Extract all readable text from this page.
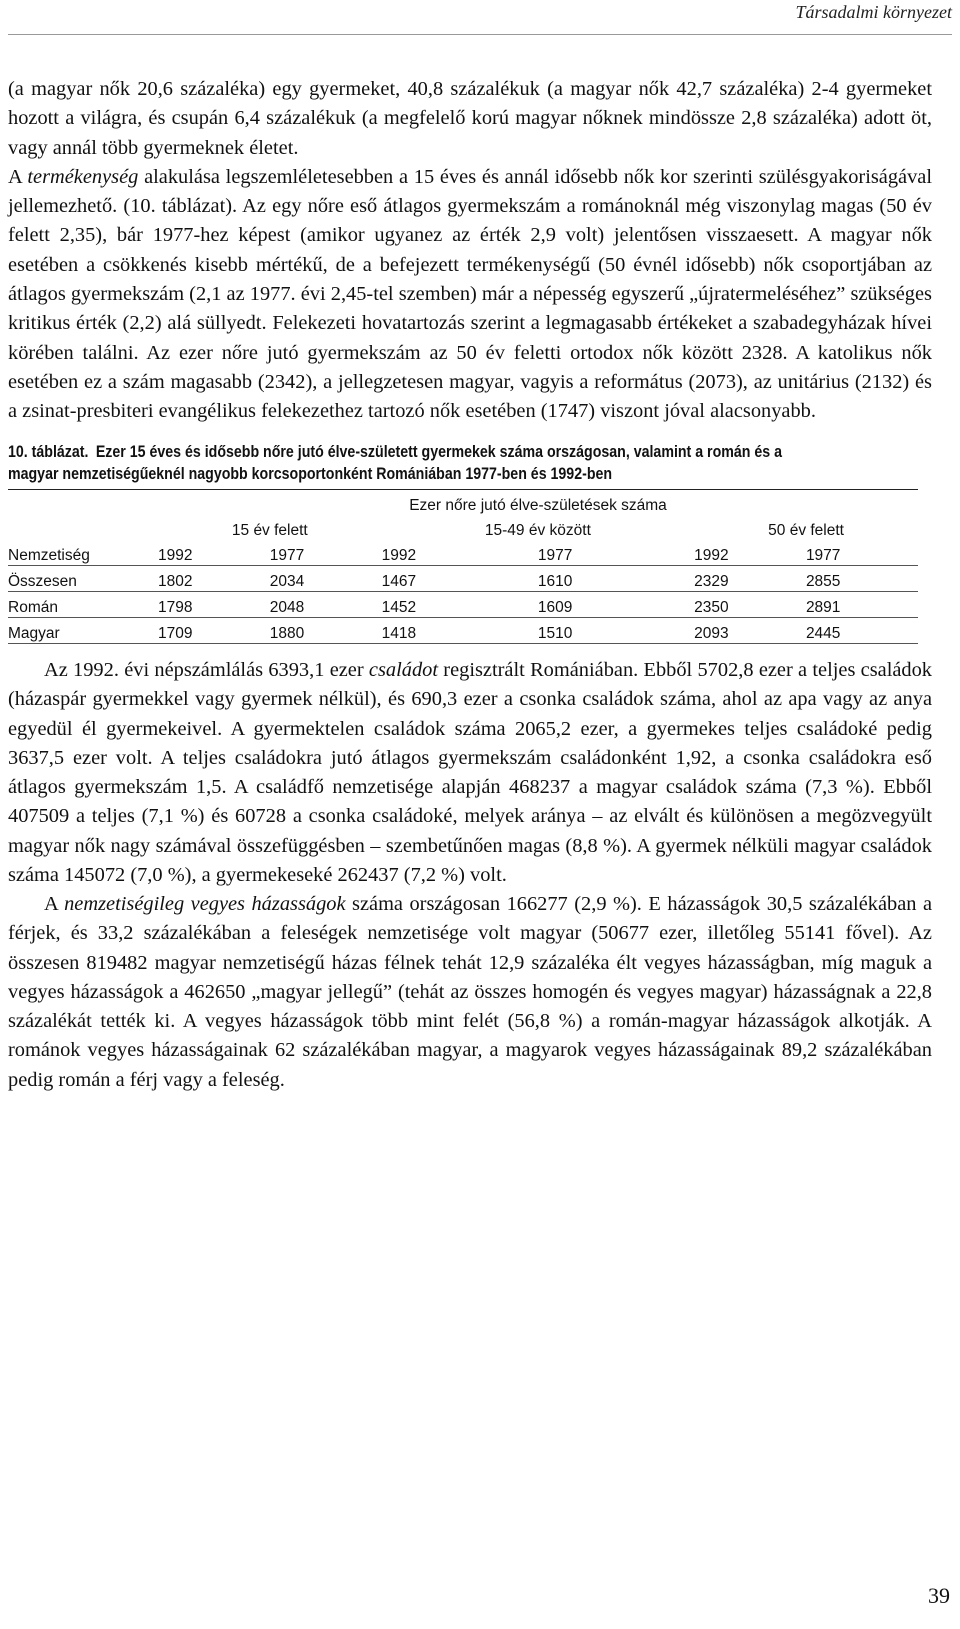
Társadalmi környezet

(a magyar nők 20,6 százaléka) egy gyermeket, 40,8 százalékuk (a magyar nők 42,7 százaléka) 2-4 gyermeket hozott a világra, és csupán 6,4 százalékuk (a megfelelő korú magyar nőknek mindössze 2,8 százaléka) adott öt, vagy annál több gyermeknek életet.
A termékenység alakulása legszemléletesebben a 15 éves és annál idősebb nők kor szerinti szülésgyakoriságával jellemezhető. (10. táblázat). Az egy nőre eső átlagos gyermekszám a románoknál még viszonylag magas (50 év felett 2,35), bár 1977-hez képest (amikor ugyanez az érték 2,9 volt) jelentősen visszaesett. A magyar nők esetében a csökkenés kisebb mértékű, de a befejezett termékenységű (50 évnél idősebb) nők csoportjában az átlagos gyermekszám (2,1 az 1977. évi 2,45-tel szemben) már a népesség egyszerű „újratermeléséhez” szükséges kritikus érték (2,2) alá süllyedt. Felekezeti hovatartozás szerint a legmagasabb értékeket a szabadegyházak hívei körében találni. Az ezer nőre jutó gyermekszám az 50 év feletti ortodox nők között 2328. A katolikus nők esetében ez a szám magasabb (2342), a jellegzetesen magyar, vagyis a református (2073), az unitárius (2132) és a zsinat-presbiteri evangélikus felekezethez tartozó nők esetében (1747) viszont jóval alacsonyabb.

10. táblázat. Ezer 15 éves és idősebb nőre jutó élve-született gyermekek száma országosan, valamint a román és a magyar nemzetiségűeknél nagyobb korcsoportonként Romániában 1977-ben és 1992-ben
	Ezer nőre jutó élve-születések száma					
	15 év felett		15-49 év között		50 év felett	
Nemzetiség	1992	1977	1992	1977	1992	1977
Összesen	1802	2034	1467	1610	2329	2855
Román	1798	2048	1452	1609	2350	2891
Magyar	1709	1880	1418	1510	2093	2445

Az 1992. évi népszámlálás 6393,1 ezer családot regisztrált Romániában. Ebből 5702,8 ezer a teljes családok (házaspár gyermekkel vagy gyermek nélkül), és 690,3 ezer a csonka családok száma, ahol az apa vagy az anya egyedül él gyermekeivel. A gyermektelen családok száma 2065,2 ezer, a gyermekes teljes családoké pedig 3637,5 ezer volt. A teljes családokra jutó átlagos gyermekszám családonként 1,92, a csonka családokra eső átlagos gyermekszám 1,5. A családfő nemzetisége alapján 468237 a magyar családok száma (7,3 %). Ebből 407509 a teljes (7,1 %) és 60728 a csonka családoké, melyek aránya – az elvált és különösen a megözvegyült magyar nők nagy számával összefüggésben – szembetűnően magas (8,8 %). A gyermek nélküli magyar családok száma 145072 (7,0 %), a gyermekeseké 262437 (7,2 %) volt.

A nemzetiségileg vegyes házasságok száma országosan 166277 (2,9 %). E házasságok 30,5 százalékában a férjek, és 33,2 százalékában a feleségek nemzetisége volt magyar (50677 ezer, illetőleg 55141 fővel). Az összesen 819482 magyar nemzetiségű házas félnek tehát 12,9 százaléka élt vegyes házasságban, míg maguk a vegyes házasságok a 462650 „magyar jellegű” (tehát az összes homogén és vegyes magyar) házasságnak a 22,8 százalékát tették ki. A vegyes házasságok több mint felét (56,8 %) a román-magyar házasságok alkotják. A románok vegyes házasságainak 62 százalékában magyar, a magyarok vegyes házasságainak 89,2 százalékában pedig román a férj vagy a feleség.

39
